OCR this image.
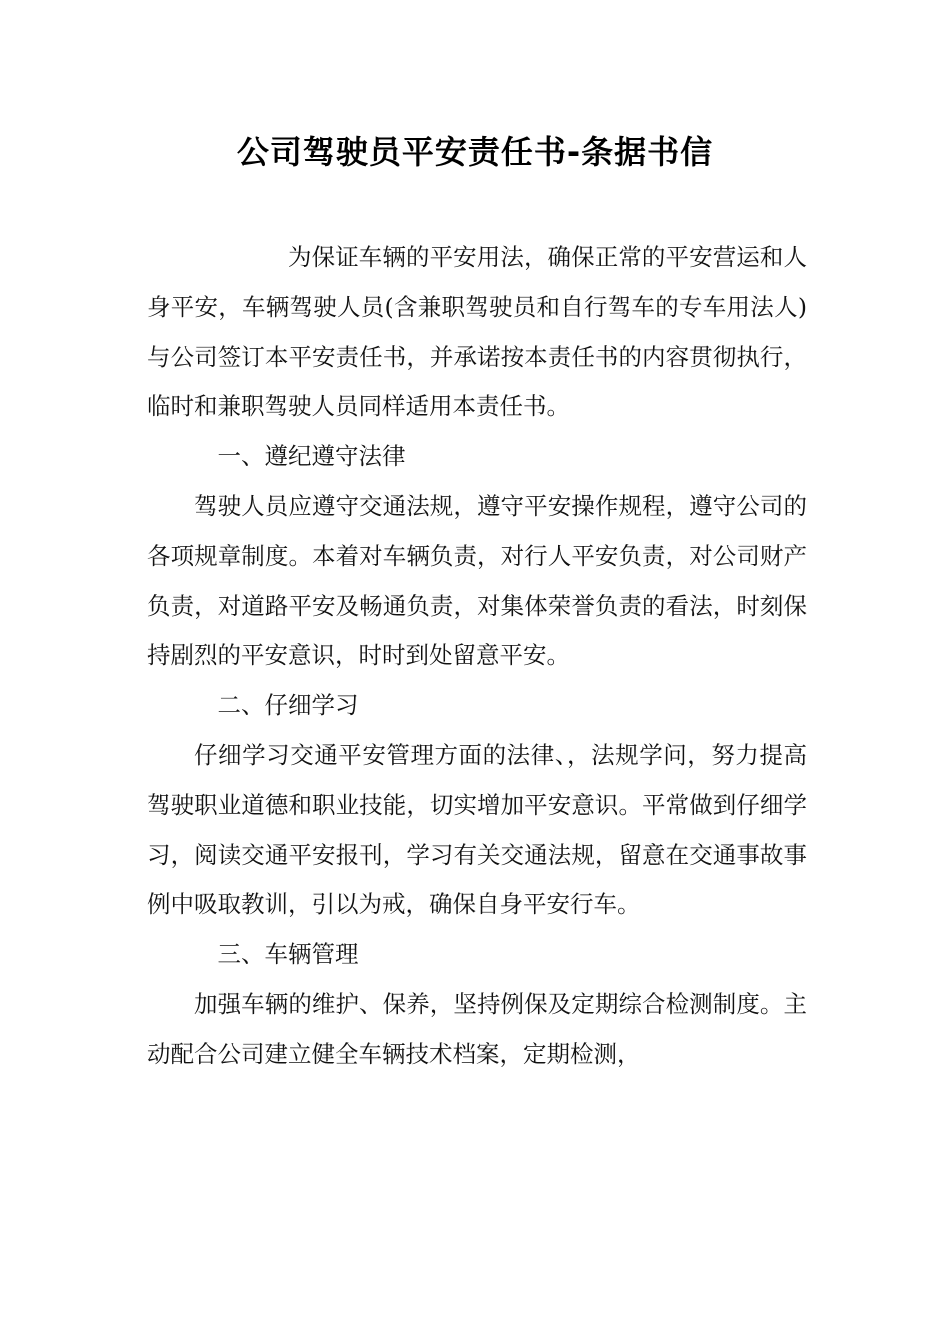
公司驾驶员平安责任书-条据书信

为保证车辆的平安用法，确保正常的平安营运和人身平安，车辆驾驶人员(含兼职驾驶员和自行驾车的专车用法人)与公司签订本平安责任书，并承诺按本责任书的内容贯彻执行，临时和兼职驾驶人员同样适用本责任书。

一、遵纪遵守法律

驾驶人员应遵守交通法规，遵守平安操作规程，遵守公司的各项规章制度。本着对车辆负责，对行人平安负责，对公司财产负责，对道路平安及畅通负责，对集体荣誉负责的看法，时刻保持剧烈的平安意识，时时到处留意平安。

二、仔细学习

仔细学习交通平安管理方面的法律、，法规学问，努力提高驾驶职业道德和职业技能，切实增加平安意识。平常做到仔细学习，阅读交通平安报刊，学习有关交通法规，留意在交通事故事例中吸取教训，引以为戒，确保自身平安行车。

三、车辆管理

加强车辆的维护、保养，坚持例保及定期综合检测制度。主动配合公司建立健全车辆技术档案，定期检测，
